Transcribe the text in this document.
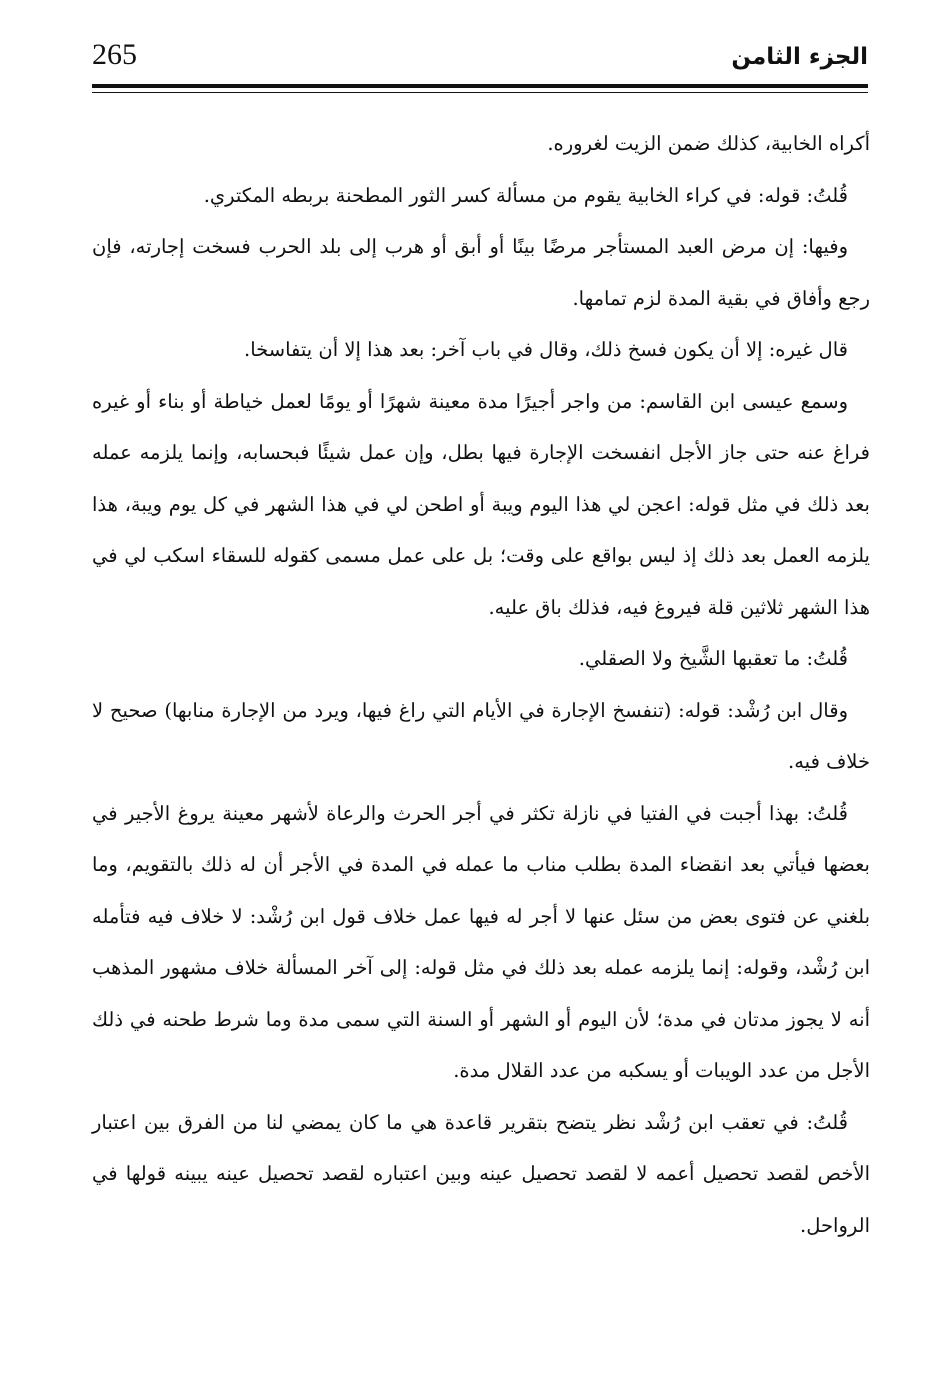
265	الجزء الثامن

أكراه الخابية، كذلك ضمن الزيت لغروره.

قُلتُ: قوله: في كراء الخابية يقوم من مسألة كسر الثور المطحنة بربطه المكتري.

وفيها: إن مرض العبد المستأجر مرضًا بينًا أو أبق أو هرب إلى بلد الحرب فسخت إجارته، فإن رجع وأفاق في بقية المدة لزم تمامها.

قال غيره: إلا أن يكون فسخ ذلك، وقال في باب آخر: بعد هذا إلا أن يتفاسخا.

وسمع عيسى ابن القاسم: من واجر أجيرًا مدة معينة شهرًا أو يومًا لعمل خياطة أو بناء أو غيره فراغ عنه حتى جاز الأجل انفسخت الإجارة فيها بطل، وإن عمل شيئًا فبحسابه، وإنما يلزمه عمله بعد ذلك في مثل قوله: اعجن لي هذا اليوم ويبة أو اطحن لي في هذا الشهر في كل يوم ويبة، هذا يلزمه العمل بعد ذلك إذ ليس بواقع على وقت؛ بل على عمل مسمى كقوله للسقاء اسكب لي في هذا الشهر ثلاثين قلة فيروغ فيه، فذلك باق عليه.

قُلتُ: ما تعقبها الشَّيخ ولا الصقلي.

وقال ابن رُشْد: قوله: (تنفسخ الإجارة في الأيام التي راغ فيها، ويرد من الإجارة منابها) صحيح لا خلاف فيه.

قُلتُ: بهذا أجبت في الفتيا في نازلة تكثر في أجر الحرث والرعاة لأشهر معينة يروغ الأجير في بعضها فيأتي بعد انقضاء المدة بطلب مناب ما عمله في المدة في الأجر أن له ذلك بالتقويم، وما بلغني عن فتوى بعض من سئل عنها لا أجر له فيها عمل خلاف قول ابن رُشْد: لا خلاف فيه فتأمله ابن رُشْد، وقوله: إنما يلزمه عمله بعد ذلك في مثل قوله: إلى آخر المسألة خلاف مشهور المذهب أنه لا يجوز مدتان في مدة؛ لأن اليوم أو الشهر أو السنة التي سمى مدة وما شرط طحنه في ذلك الأجل من عدد الويبات أو يسكبه من عدد القلال مدة.

قُلتُ: في تعقب ابن رُشْد نظر يتضح بتقرير قاعدة هي ما كان يمضي لنا من الفرق بين اعتبار الأخص لقصد تحصيل أعمه لا لقصد تحصيل عينه وبين اعتباره لقصد تحصيل عينه يبينه قولها في الرواحل.
